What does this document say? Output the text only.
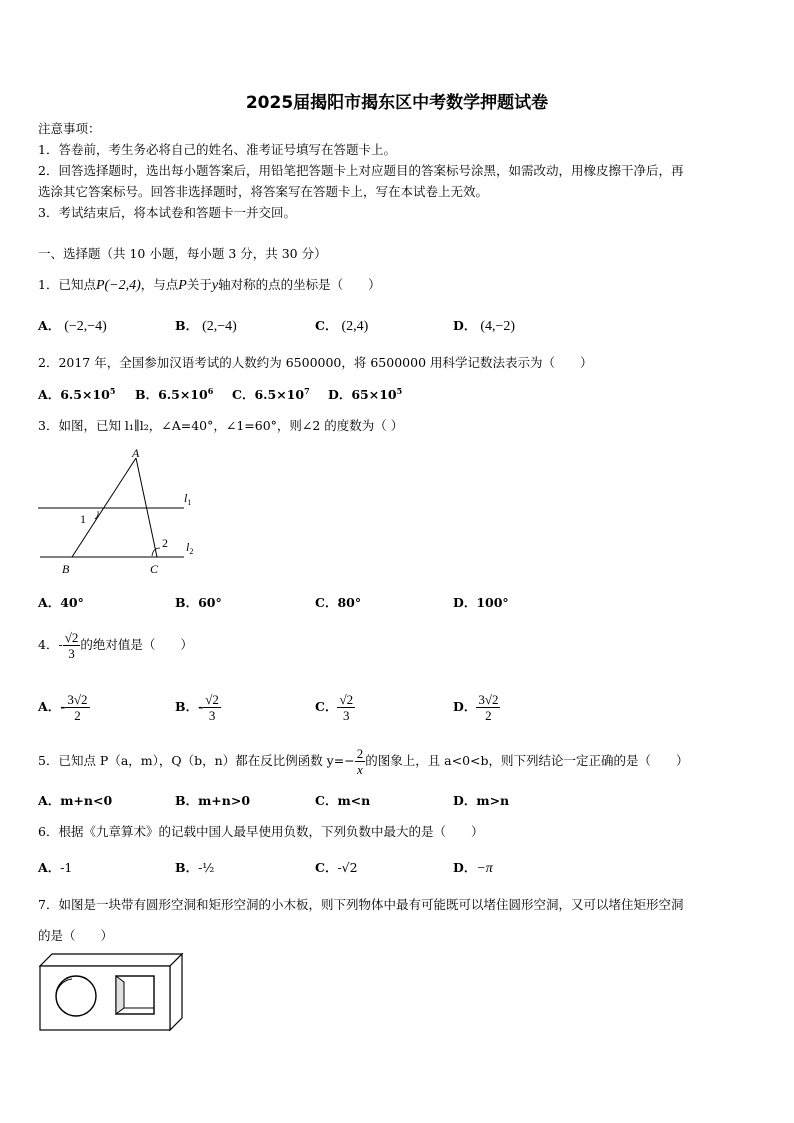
2025届揭阳市揭东区中考数学押题试卷
注意事项：
1．答卷前，考生务必将自己的姓名、准考证号填写在答题卡上。
2．回答选择题时，选出每小题答案后，用铅笔把答题卡上对应题目的答案标号涂黑，如需改动，用橡皮擦干净后，再
选涂其它答案标号。回答非选择题时，将答案写在答题卡上，写在本试卷上无效。
3．考试结束后，将本试卷和答题卡一并交回。
一、选择题（共 10 小题，每小题 3 分，共 30 分）
1．已知点P(−2,4)，与点P关于y轴对称的点的坐标是（　　）
A． (−2,−4)	B． (2,−4)	C． (2,4)	D． (4,−2)
2．2017 年，全国参加汉语考试的人数约为 6500000，将 6500000 用科学记数法表示为（　　）
A．$6.5\times 10^5$ B．$6.5\times 10^6$ C．$6.5\times 10^7$ D．$65\times 10^5$
3．如图，已知 l₁∥l₂，∠A=40°，∠1=60°，则∠2 的度数为（ ）
A
B	C
1
2
$l_1$
$l_2$
A．40°	B．60°	C．80°	D．100°
4．- $\frac{√2}{3}$ 的绝对值是（　　）
A．- $\frac{3√2}{2}$	B．- $\frac{√2}{3}$	C． $\frac{√2}{3}$	D． $\frac{3√2}{2}$
5．已知点 P（a，m），Q（b，n）都在反比例函数 $y=- \frac{2}{x}$ 的图象上，且 a<0<b，则下列结论一定正确的是（　　）
A．m+n<0	B．m+n>0	C．m<n	D．m>n
6．根据《九章算术》的记载中国人最早使用负数，下列负数中最大的是（　　）
A．-1	B．-½	C．-√2	D．−π
7．如图是一块带有圆形空洞和矩形空洞的小木板，则下列物体中最有可能既可以堵住圆形空洞，又可以堵住矩形空洞
的是（　　）
